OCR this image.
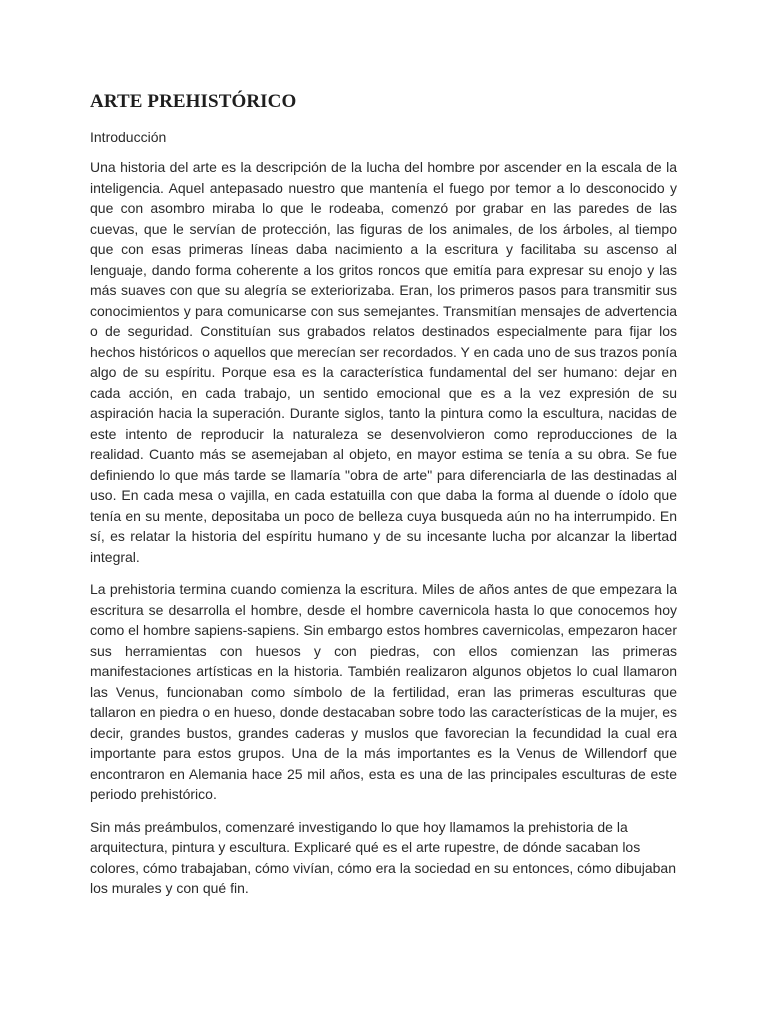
ARTE PREHISTÓRICO

Introducción

Una historia del arte es la descripción de la lucha del hombre por ascender en la escala de la inteligencia. Aquel antepasado nuestro que mantenía el fuego por temor a lo desconocido y que con asombro miraba lo que le rodeaba, comenzó por grabar en las paredes de las cuevas, que le servían de protección, las figuras de los animales, de los árboles, al tiempo que con esas primeras líneas daba nacimiento a la escritura y facilitaba su ascenso al lenguaje, dando forma coherente a los gritos roncos que emitía para expresar su enojo y las más suaves con que su alegría se exteriorizaba. Eran, los primeros pasos para transmitir sus conocimientos y para comunicarse con sus semejantes. Transmitían mensajes de advertencia o de seguridad. Constituían sus grabados relatos destinados especialmente para fijar los hechos históricos o aquellos que merecían ser recordados. Y en cada uno de sus trazos ponía algo de su espíritu. Porque esa es la característica fundamental del ser humano: dejar en cada acción, en cada trabajo, un sentido emocional que es a la vez expresión de su aspiración hacia la superación. Durante siglos, tanto la pintura como la escultura, nacidas de este intento de reproducir la naturaleza se desenvolvieron como reproducciones de la realidad. Cuanto más se asemejaban al objeto, en mayor estima se tenía a su obra. Se fue definiendo lo que más tarde se llamaría "obra de arte" para diferenciarla de las destinadas al uso. En cada mesa o vajilla, en cada estatuilla con que daba la forma al duende o ídolo que tenía en su mente, depositaba un poco de belleza cuya busqueda aún no ha interrumpido. En sí, es relatar la historia del espíritu humano y de su incesante lucha por alcanzar la libertad integral.

La prehistoria termina cuando comienza la escritura. Miles de años antes de que empezara la escritura se desarrolla el hombre, desde el hombre cavernicola hasta lo que conocemos hoy como el hombre sapiens-sapiens. Sin embargo estos hombres cavernicolas, empezaron hacer sus herramientas con huesos y con piedras, con ellos comienzan las primeras manifestaciones artísticas en la historia. También realizaron algunos objetos lo cual llamaron las Venus, funcionaban como símbolo de la fertilidad, eran las primeras esculturas que tallaron en piedra o en hueso, donde destacaban sobre todo las características de la mujer, es decir, grandes bustos, grandes caderas y muslos que favorecian la fecundidad la cual era importante para estos grupos. Una de la más importantes es la Venus de Willendorf que encontraron en Alemania hace 25 mil años, esta es una de las principales esculturas de este periodo prehistórico.

Sin más preámbulos, comenzaré investigando lo que hoy llamamos la prehistoria de la arquitectura, pintura y escultura. Explicaré qué es el arte rupestre, de dónde sacaban los colores, cómo trabajaban, cómo vivían, cómo era la sociedad en su entonces, cómo dibujaban los murales y con qué fin.
